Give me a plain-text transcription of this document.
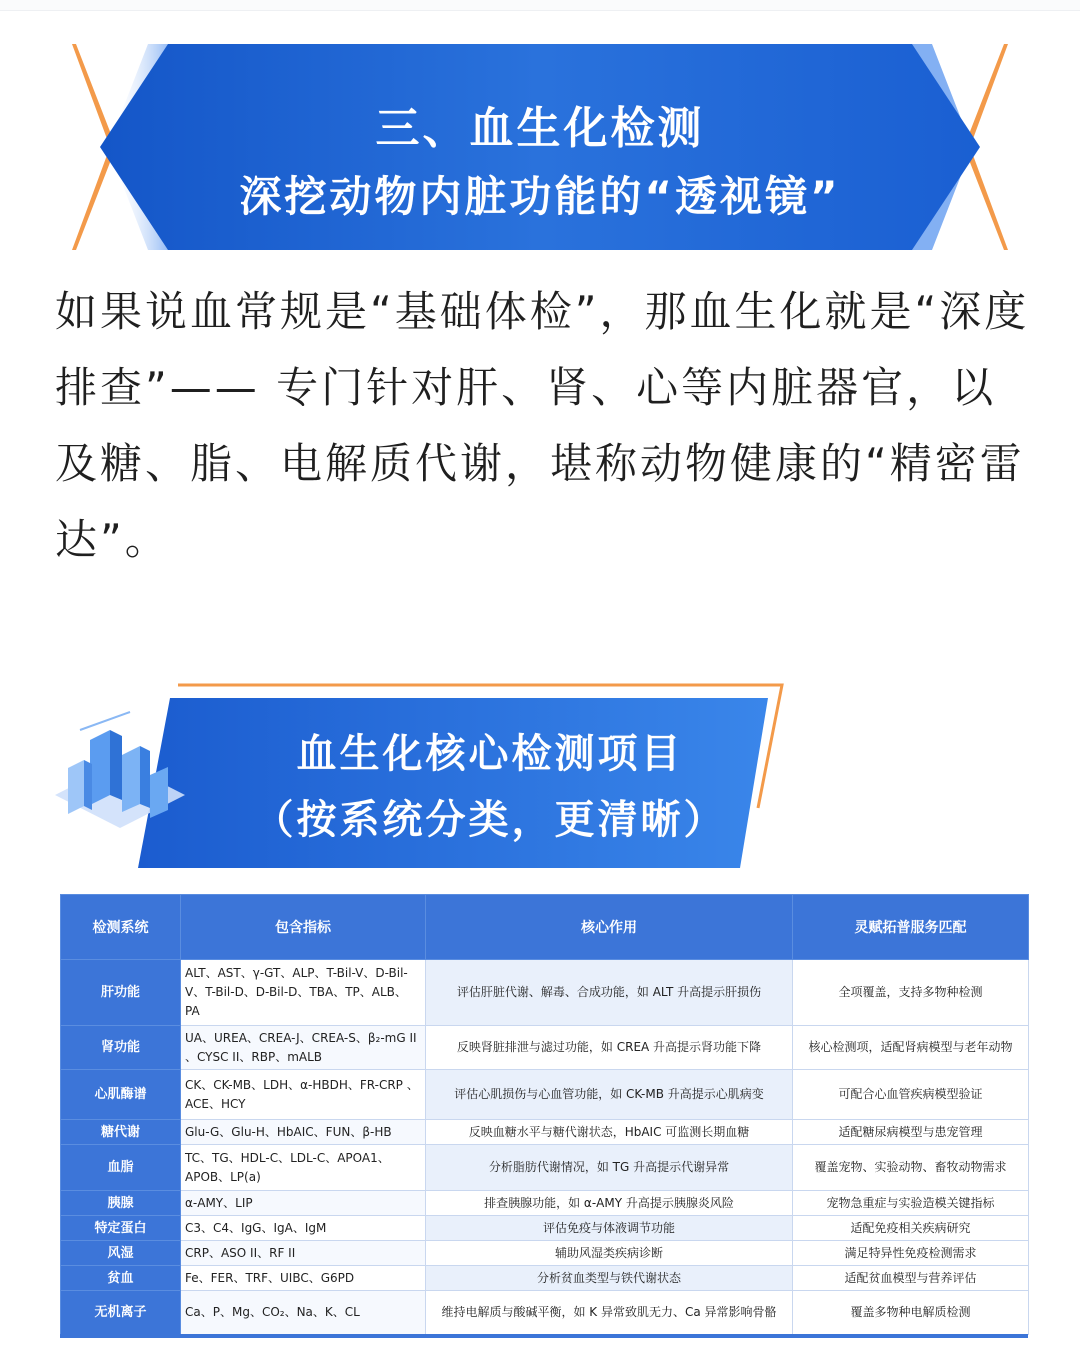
三、血生化检测
深挖动物内脏功能的“透视镜”

如果说血常规是“基础体检”，那血生化就是“深度排查”—— 专门针对肝、肾、心等内脏器官，以及糖、脂、电解质代谢，堪称动物健康的“精密雷达”。

血生化核心检测项目
（按系统分类，更清晰）
检测系统	包含指标	核心作用	灵赋拓普服务匹配
肝功能	ALT、AST、γ-GT、ALP、T-Bil-V、D-Bil-V、T-Bil-D、D-Bil-D、TBA、TP、ALB、PA	评估肝脏代谢、解毒、合成功能，如 ALT 升高提示肝损伤	全项覆盖，支持多物种检测
肾功能	UA、UREA、CREA-J、CREA-S、β₂-mG II 、CYSC II、RBP、mALB	反映肾脏排泄与滤过功能，如 CREA 升高提示肾功能下降	核心检测项，适配肾病模型与老年动物
心肌酶谱	CK、CK-MB、LDH、α-HBDH、FR-CRP 、ACE、HCY	评估心肌损伤与心血管功能，如 CK-MB 升高提示心肌病变	可配合心血管疾病模型验证
糖代谢	Glu-G、Glu-H、HbAIC、FUN、β-HB	反映血糖水平与糖代谢状态，HbAIC 可监测长期血糖	适配糖尿病模型与患宠管理
血脂	TC、TG、HDL-C、LDL-C、APOA1、APOB、LP(a)	分析脂肪代谢情况，如 TG 升高提示代谢异常	覆盖宠物、实验动物、畜牧动物需求
胰腺	α-AMY、LIP	排查胰腺功能，如 α-AMY 升高提示胰腺炎风险	宠物急重症与实验造模关键指标
特定蛋白	C3、C4、IgG、IgA、IgM	评估免疫与体液调节功能	适配免疫相关疾病研究
风湿	CRP、ASO II、RF II	辅助风湿类疾病诊断	满足特异性免疫检测需求
贫血	Fe、FER、TRF、UIBC、G6PD	分析贫血类型与铁代谢状态	适配贫血模型与营养评估
无机离子	Ca、P、Mg、CO₂、Na、K、CL	维持电解质与酸碱平衡，如 K 异常致肌无力、Ca 异常影响骨骼	覆盖多物种电解质检测
